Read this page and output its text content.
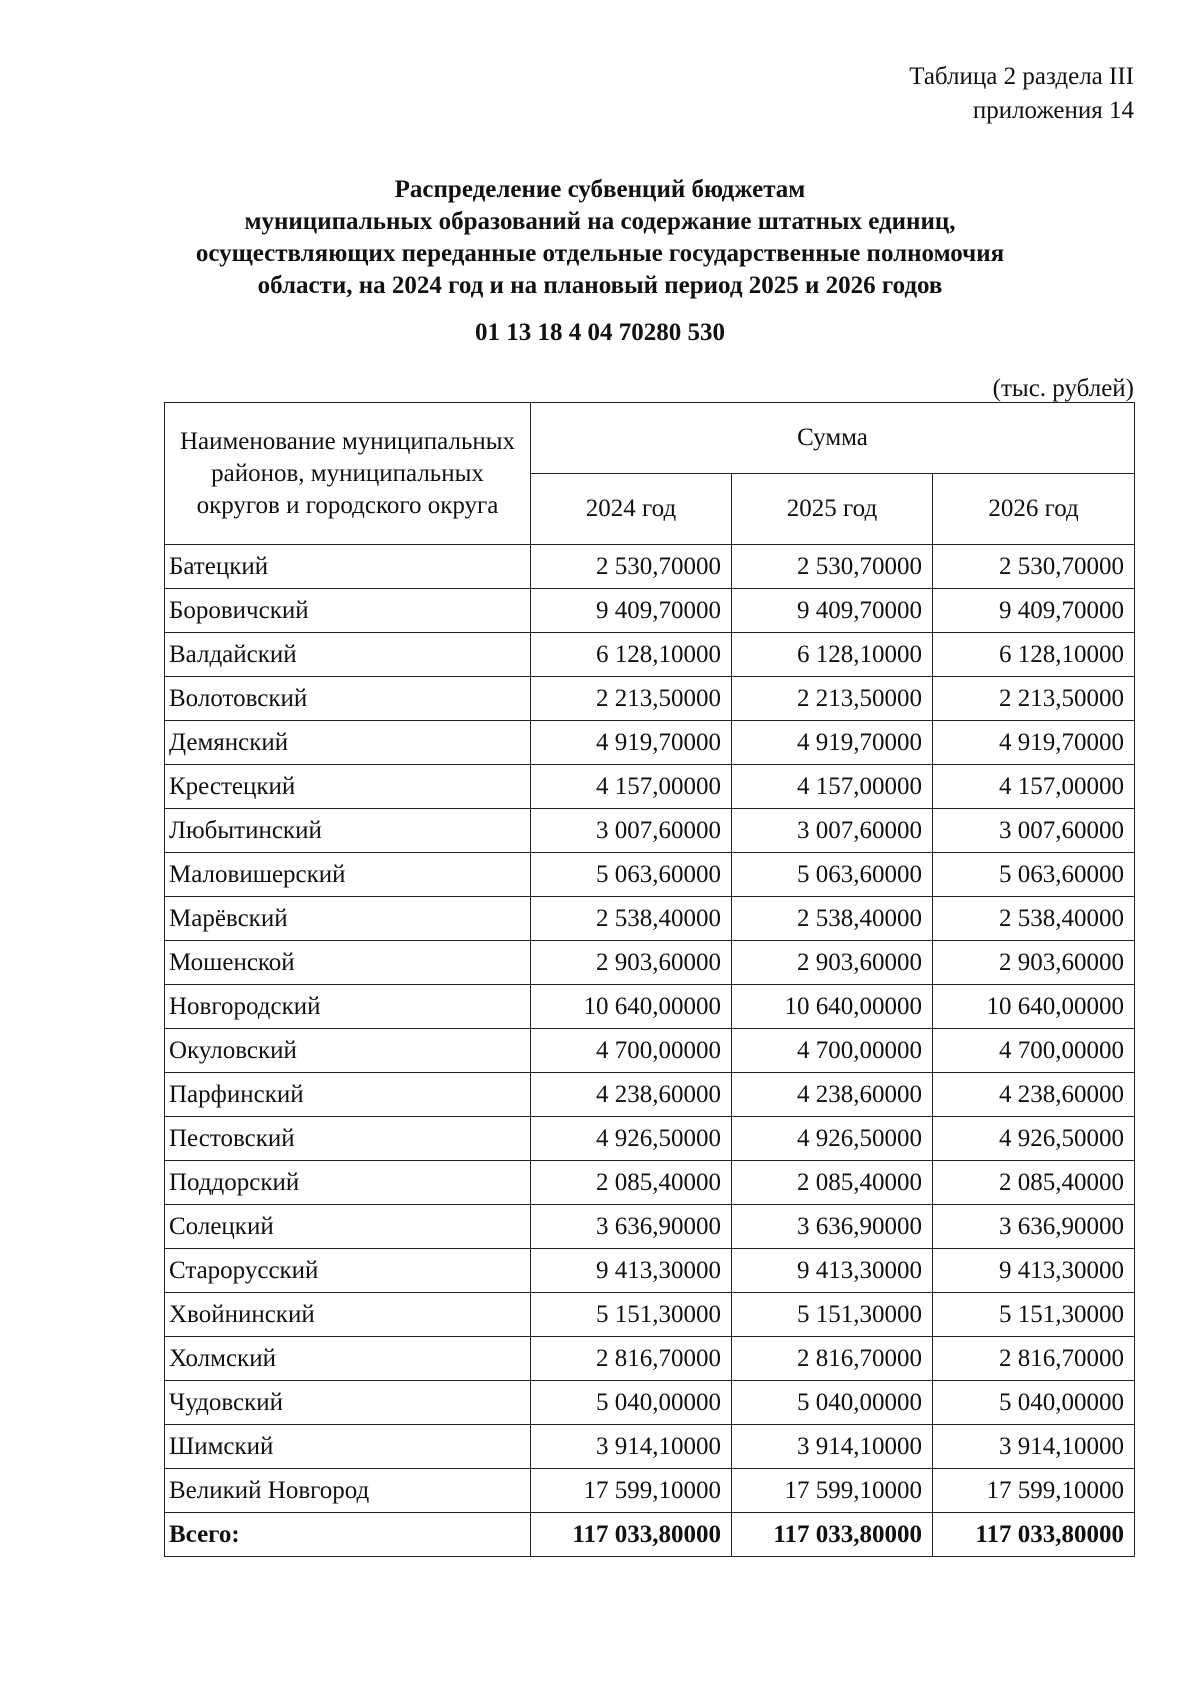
Таблица 2 раздела III
приложения 14
Распределение субвенций бюджетам
муниципальных образований на содержание штатных единиц,
осуществляющих переданные отдельные государственные полномочия
области, на 2024 год и на плановый период 2025 и 2026 годов
01 13 18 4 04 70280 530
(тыс. рублей)
Наименование муниципальных районов, муниципальных округов и городского округа	Сумма		
	2024 год	2025 год	2026 год
Батецкий	2 530,70000	2 530,70000	2 530,70000
Боровичский	9 409,70000	9 409,70000	9 409,70000
Валдайский	6 128,10000	6 128,10000	6 128,10000
Волотовский	2 213,50000	2 213,50000	2 213,50000
Демянский	4 919,70000	4 919,70000	4 919,70000
Крестецкий	4 157,00000	4 157,00000	4 157,00000
Любытинский	3 007,60000	3 007,60000	3 007,60000
Маловишерский	5 063,60000	5 063,60000	5 063,60000
Марёвский	2 538,40000	2 538,40000	2 538,40000
Мошенской	2 903,60000	2 903,60000	2 903,60000
Новгородский	10 640,00000	10 640,00000	10 640,00000
Окуловский	4 700,00000	4 700,00000	4 700,00000
Парфинский	4 238,60000	4 238,60000	4 238,60000
Пестовский	4 926,50000	4 926,50000	4 926,50000
Поддорский	2 085,40000	2 085,40000	2 085,40000
Солецкий	3 636,90000	3 636,90000	3 636,90000
Старорусский	9 413,30000	9 413,30000	9 413,30000
Хвойнинский	5 151,30000	5 151,30000	5 151,30000
Холмский	2 816,70000	2 816,70000	2 816,70000
Чудовский	5 040,00000	5 040,00000	5 040,00000
Шимский	3 914,10000	3 914,10000	3 914,10000
Великий Новгород	17 599,10000	17 599,10000	17 599,10000
Всего:	117 033,80000	117 033,80000	117 033,80000
